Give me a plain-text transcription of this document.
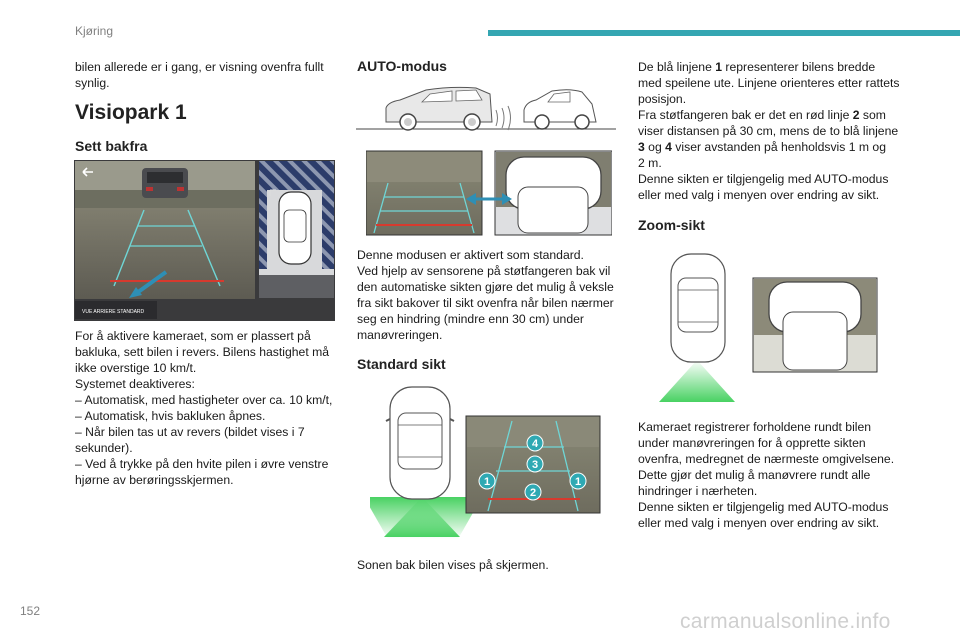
Kjøring

bilen allerede er i gang, er visning ovenfra fullt

synlig.

Visiopark 1
Sett bakfra
VUE ARRIERE STANDARD

For å aktivere kameraet, som er plassert på

bakluka, sett bilen i revers. Bilens hastighet må

ikke overstige 10 km/t.

Systemet deaktiveres:

– Automatisk, med hastigheter over ca. 10 km/t,

– Automatisk, hvis bakluken åpnes.

– Når bilen tas ut av revers (bildet vises i 7

sekunder).

– Ved å trykke på den hvite pilen i øvre venstre

hjørne av berøringsskjermen.

AUTO-modus

Denne modusen er aktivert som standard.

Ved hjelp av sensorene på støtfangeren bak vil

den automatiske sikten gjøre det mulig å veksle

fra sikt bakover til sikt ovenfra når bilen nærmer

seg en hindring (mindre enn 30 cm) under

manøvreringen.

Standard sikt
4
3
1	1
2
Sonen bak bilen vises på skjermen.

De blå linjene 1 representerer bilens bredde

med speilene ute. Linjene orienteres etter rattets

posisjon.

Fra støtfangeren bak er det en rød linje 2 som

viser distansen på 30 cm, mens de to blå linjene

3 og 4 viser avstanden på henholdsvis 1 m og

2 m.

Denne sikten er tilgjengelig med AUTO-modus

eller med valg i menyen over endring av sikt.

Zoom-sikt

Kameraet registrerer forholdene rundt bilen

under manøvreringen for å opprette sikten

ovenfra, medregnet de nærmeste omgivelsene.

Dette gjør det mulig å manøvrere rundt alle

hindringer i nærheten.

Denne sikten er tilgjengelig med AUTO-modus

eller med valg i menyen over endring av sikt.

152	carmanualsonline.info
